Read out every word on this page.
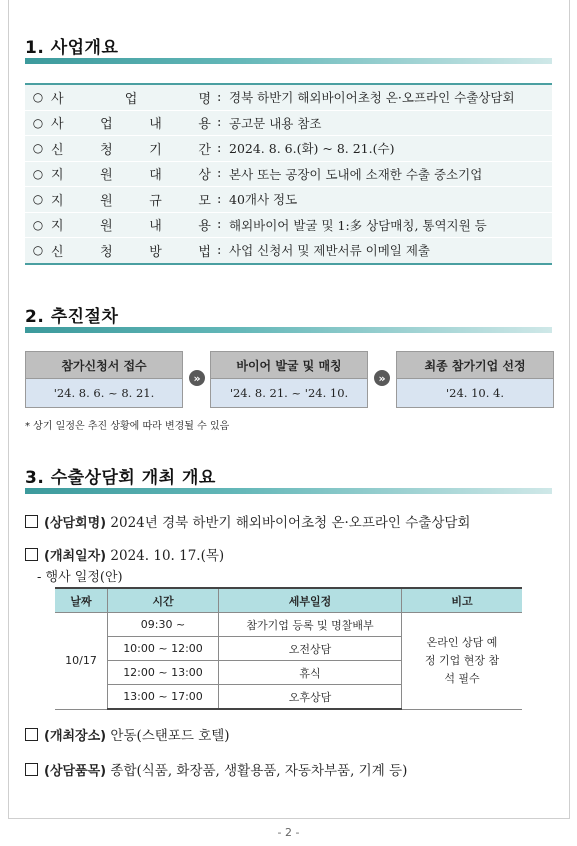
1. 사업개요
○ 사	업	명 : 경북 하반기 해외바이어초청 온·오프라인 수출상담회
○ 사	업	내	용 : 공고문 내용 참조
○ 신	청	기	간 : 2024. 8. 6.(화) ~ 8. 21.(수)
○ 지	원	대	상 : 본사 또는 공장이 도내에 소재한 수출 중소기업
○ 지	원	규	모 : 40개사 정도
○ 지	원	내	용 : 해외바이어 발굴 및 1:多 상담매칭, 통역지원 등
○ 신	청	방	법 : 사업 신청서 및 제반서류 이메일 제출
2. 추진절차
참가신청서 접수
'24. 8. 6. ~ 8. 21.
»
바이어 발굴 및 매칭
'24. 8. 21. ~ '24. 10.
»
최종 참가기업 선정
'24. 10. 4.
* 상기 일정은 추진 상황에 따라 변경될 수 있음
3. 수출상담회 개최 개요
(상담회명) 2024년 경북 하반기 해외바이어초청 온·오프라인 수출상담회
(개최일자) 2024. 10. 17.(목)
- 행사 일정(안)
날짜	시간	세부일정	비고
10/17	09:30 ~	참가기업 등록 및 명찰배부	온라인 상담 예정 기업 현장 참석 필수
	10:00 ~ 12:00	오전상담	
	12:00 ~ 13:00	휴식	
	13:00 ~ 17:00	오후상담	
(개최장소) 안동(스탠포드 호텔)
(상담품목) 종합(식품, 화장품, 생활용품, 자동차부품, 기계 등)
- 2 -
